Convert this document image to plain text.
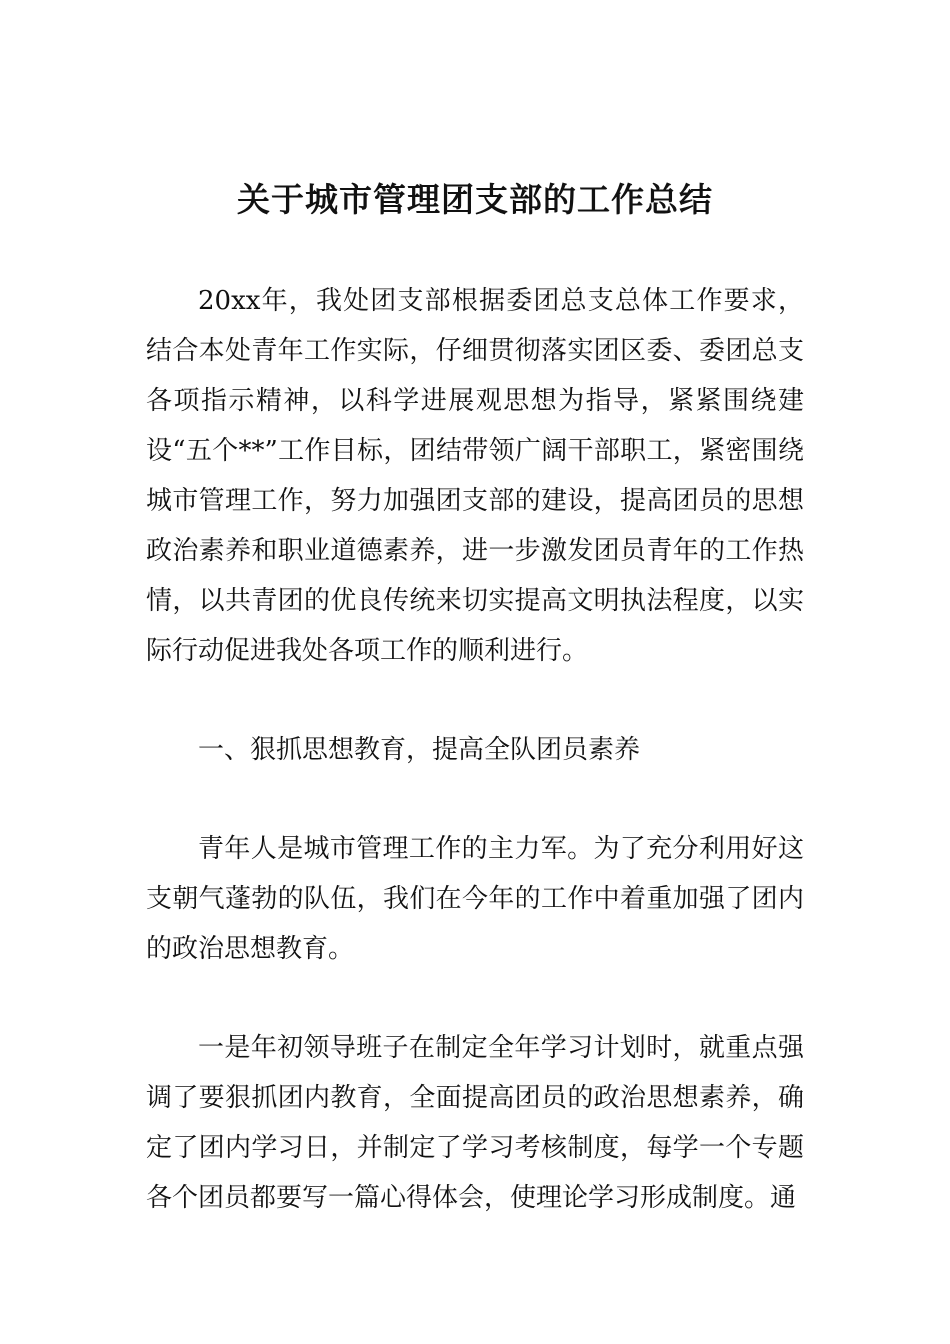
关于城市管理团支部的工作总结

20xx年，我处团支部根据委团总支总体工作要求，结合本处青年工作实际，仔细贯彻落实团区委、委团总支各项指示精神，以科学进展观思想为指导，紧紧围绕建设“五个**”工作目标，团结带领广阔干部职工，紧密围绕城市管理工作，努力加强团支部的建设，提高团员的思想政治素养和职业道德素养，进一步激发团员青年的工作热情，以共青团的优良传统来切实提高文明执法程度，以实际行动促进我处各项工作的顺利进行。

一、狠抓思想教育，提高全队团员素养

青年人是城市管理工作的主力军。为了充分利用好这支朝气蓬勃的队伍，我们在今年的工作中着重加强了团内的政治思想教育。

一是年初领导班子在制定全年学习计划时，就重点强调了要狠抓团内教育，全面提高团员的政治思想素养，确定了团内学习日，并制定了学习考核制度，每学一个专题各个团员都要写一篇心得体会，使理论学习形成制度。通
